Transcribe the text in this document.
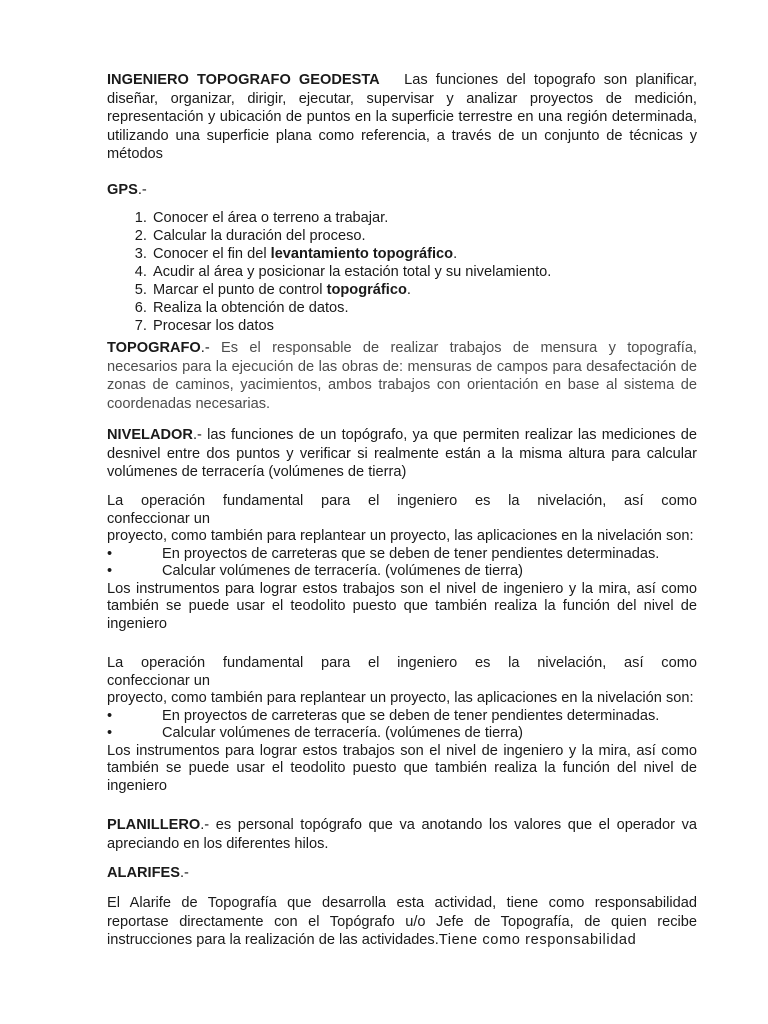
INGENIERO TOPOGRAFO GEODESTA Las funciones del topografo son planificar, diseñar, organizar, dirigir, ejecutar, supervisar y analizar proyectos de medición, representación y ubicación de puntos en la superficie terrestre en una región determinada, utilizando una superficie plana como referencia, a través de un conjunto de técnicas y métodos

GPS.-

1. Conocer el área o terreno a trabajar.
2. Calcular la duración del proceso.
3. Conocer el fin del levantamiento topográfico.
4. Acudir al área y posicionar la estación total y su nivelamiento.
5. Marcar el punto de control topográfico.
6. Realiza la obtención de datos.
7. Procesar los datos

TOPOGRAFO.- Es el responsable de realizar trabajos de mensura y topografía, necesarios para la ejecución de las obras de: mensuras de campos para desafectación de zonas de caminos, yacimientos, ambos trabajos con orientación en base al sistema de coordenadas necesarias.

NIVELADOR.- las funciones de un topógrafo, ya que permiten realizar las mediciones de desnivel entre dos puntos y verificar si realmente están a la misma altura para calcular volúmenes de terracería (volúmenes de tierra)

La operación fundamental para el ingeniero es la nivelación, así como
confeccionar un
proyecto, como también para replantear un proyecto, las aplicaciones en la nivelación son:
•	En proyectos de carreteras que se deben de tener pendientes determinadas.
•	Calcular volúmenes de terracería. (volúmenes de tierra)
Los instrumentos para lograr estos trabajos son el nivel de ingeniero y la mira, así como también se puede usar el teodolito puesto que también realiza la función del nivel de ingeniero
La operación fundamental para el ingeniero es la nivelación, así como
confeccionar un
proyecto, como también para replantear un proyecto, las aplicaciones en la nivelación son:
•	En proyectos de carreteras que se deben de tener pendientes determinadas.
•	Calcular volúmenes de terracería. (volúmenes de tierra)
Los instrumentos para lograr estos trabajos son el nivel de ingeniero y la mira, así como también se puede usar el teodolito puesto que también realiza la función del nivel de ingeniero

PLANILLERO.- es personal topógrafo que va anotando los valores que el operador va apreciando en los diferentes hilos.

ALARIFES.-

El Alarife de Topografía que desarrolla esta actividad, tiene como responsabilidad reportase directamente con el Topógrafo u/o Jefe de Topografía, de quien recibe instrucciones para la realización de las actividades.Tiene como responsabilidad
